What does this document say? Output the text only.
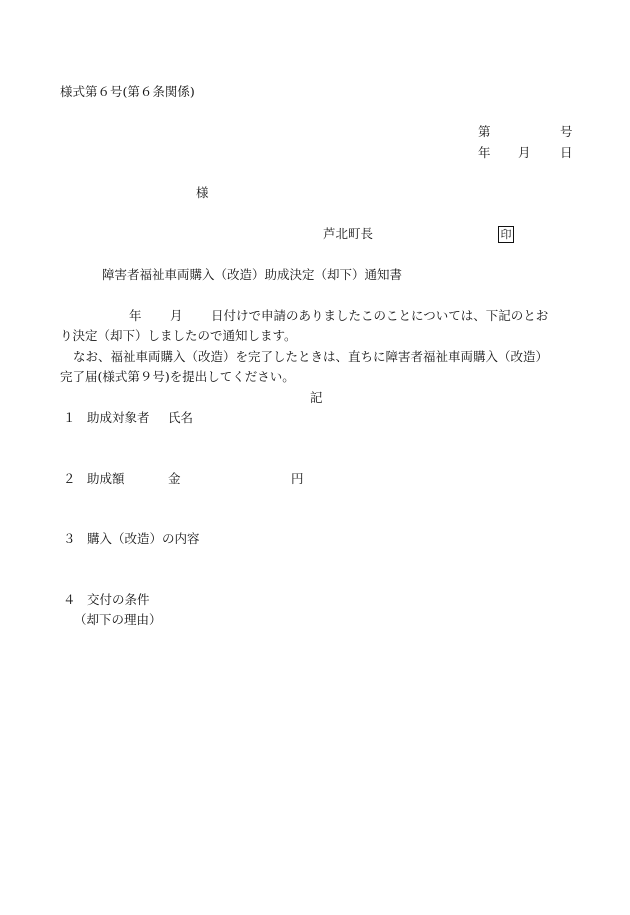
様式第６号(第６条関係)
第	号
年 月 日
様
芦北町長	印
障害者福祉車両購入（改造）助成決定（却下）通知書
年 月 日付けで申請のありましたこのことについては、下記のとお
り決定（却下）しましたので通知します。
なお、福祉車両購入（改造）を完了したときは、直ちに障害者福祉車両購入（改造）
完了届(様式第９号)を提出してください。
記
１ 助成対象者 氏名
２ 助成額	金	円
３ 購入（改造）の内容
４ 交付の条件
（却下の理由）
